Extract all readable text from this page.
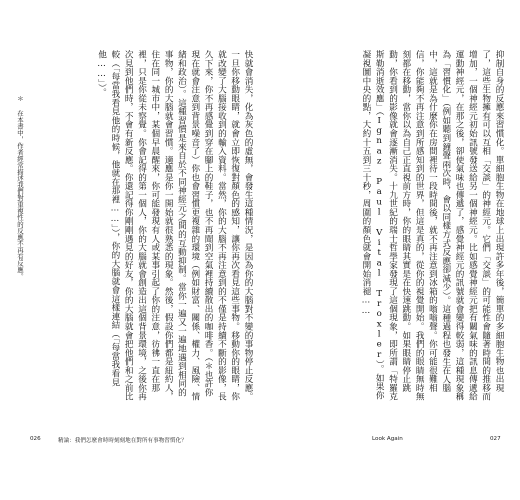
＊ 在本書中，作者經常描述我們對重複性的反應不再有反應。	快就會消失，化為灰色的虛無，會發生這種情況，是因為你的大腦對不變的事物停止反應。一旦你移動眼睛，就會立即恢復對顏色的感知，讓你再次看見這些事物。移動你的眼睛，你就改變了大腦接收到的輸入資料。當然，你的大腦不再注意到的不僅是持續不斷的影像，長久下來，你不再感覺到穿在腳上的鞋子，也不再聞到空氣裡持續散出的咖啡香。（＊也許你現在就會注意到背景噪音了）你也會習慣更複雜的環境（例如財富、關係、權力、風險、情緒和政治）。這種習慣是來自於不同神經元之間的互動抑制。當你一遍又一遍地遇到相同的事物，你的大腦就會習慣。適應是你一開始就很熟悉的現象。然後，假設你們都是紐約人，住在同一城市中，某個早晨醒來，你可能發現有人或某事引起了你的注意，彷彿一直在那裡，只是你從未察覺。你會記得的第一個人，你的大腦就會創造出這個背景環境，之後你再次見到他們時，不會有新反應。你還記得你剛剛遇見的好友，你的大腦就會把他們和之前比較（「每當我看見他的時候，他就在那裡……」），你的大腦就會這樣連結（「每當我看見他……」）。
026	精論：我們怎麼會時時刻刻地在對所有事物習慣化？
抑制自身的反應來習慣化。單細胞生物在地球上出現許多年後，簡單的多細胞生物也出現了，這些生物擁有可以互相「交談」的神經元。它們「交談」的可能性會隨著時間的推移而增加，一個神經元初始訊號發送給另一個神經元。比如感覺神經元把有關氣味的訊息傳遞給運動神經元，在那之後，卻使氣味也傳遞了，感覺神經元的訊號就會變得較弱，這種現象稱為「習慣化」（例如聽到鐘聲兩次時，會以同樣方式反應卻減少）。這種過程也發生在人腦中，這就是為什麼你在房間裡待一段時間後，就不再注意到冰箱的嗡嗡聲。你可能很難相信，你能夠不再注意到所感知到的世界，但這是真的，從你的視覺開始。我們的眼睛無時無刻都在移動，當你以為自己正直視前方時，你的眼睛其實是在快速跳動。如果眼睛停止跳動，你看到的影像就會逐漸消失。十九世紀的瑞士哲學家發現了這個現象，即所謂「特羅克斯勒消逝效應」（Ignaz Paul Vital Troxler）。如果你凝視圖中央的點，大約十五到三十秒，周圍的顏色就會開始消褪……
Look Again	027
